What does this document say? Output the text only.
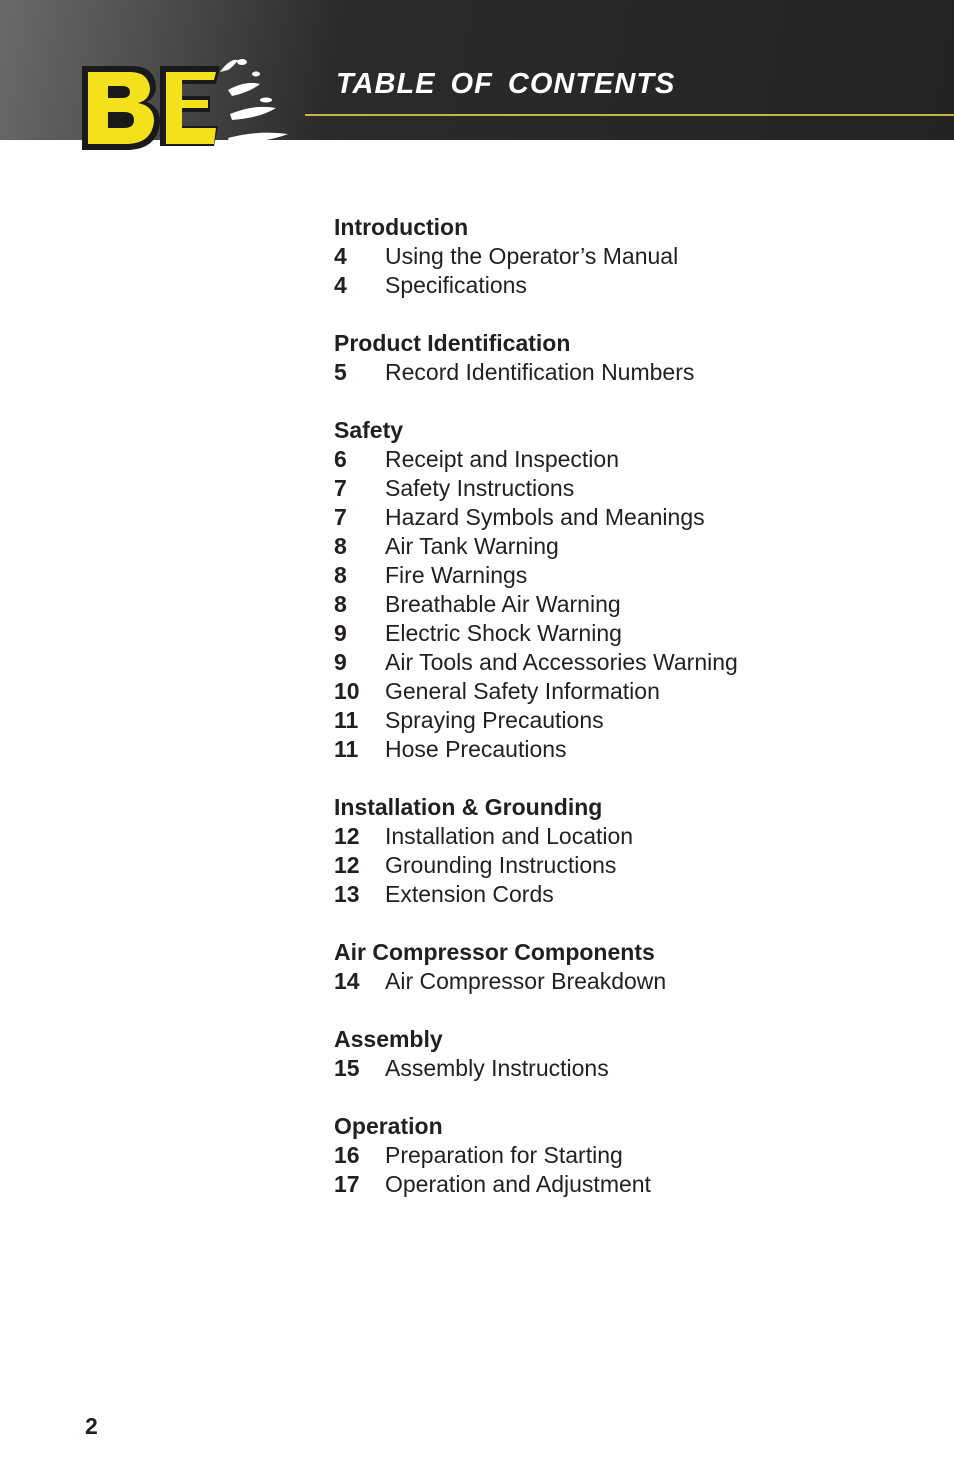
TABLE OF CONTENTS
Introduction
4 Using the Operator’s Manual
4 Specifications
Product Identification
5 Record Identification Numbers
Safety
6 Receipt and Inspection
7 Safety Instructions
7 Hazard Symbols and Meanings
8 Air Tank Warning
8 Fire Warnings
8 Breathable Air Warning
9 Electric Shock Warning
9 Air Tools and Accessories Warning
10 General Safety Information
11 Spraying Precautions
11 Hose Precautions
Installation & Grounding
12 Installation and Location
12 Grounding Instructions
13 Extension Cords
Air Compressor Components
14 Air Compressor Breakdown
Assembly
15 Assembly Instructions
Operation
16 Preparation for Starting
17 Operation and Adjustment
2
